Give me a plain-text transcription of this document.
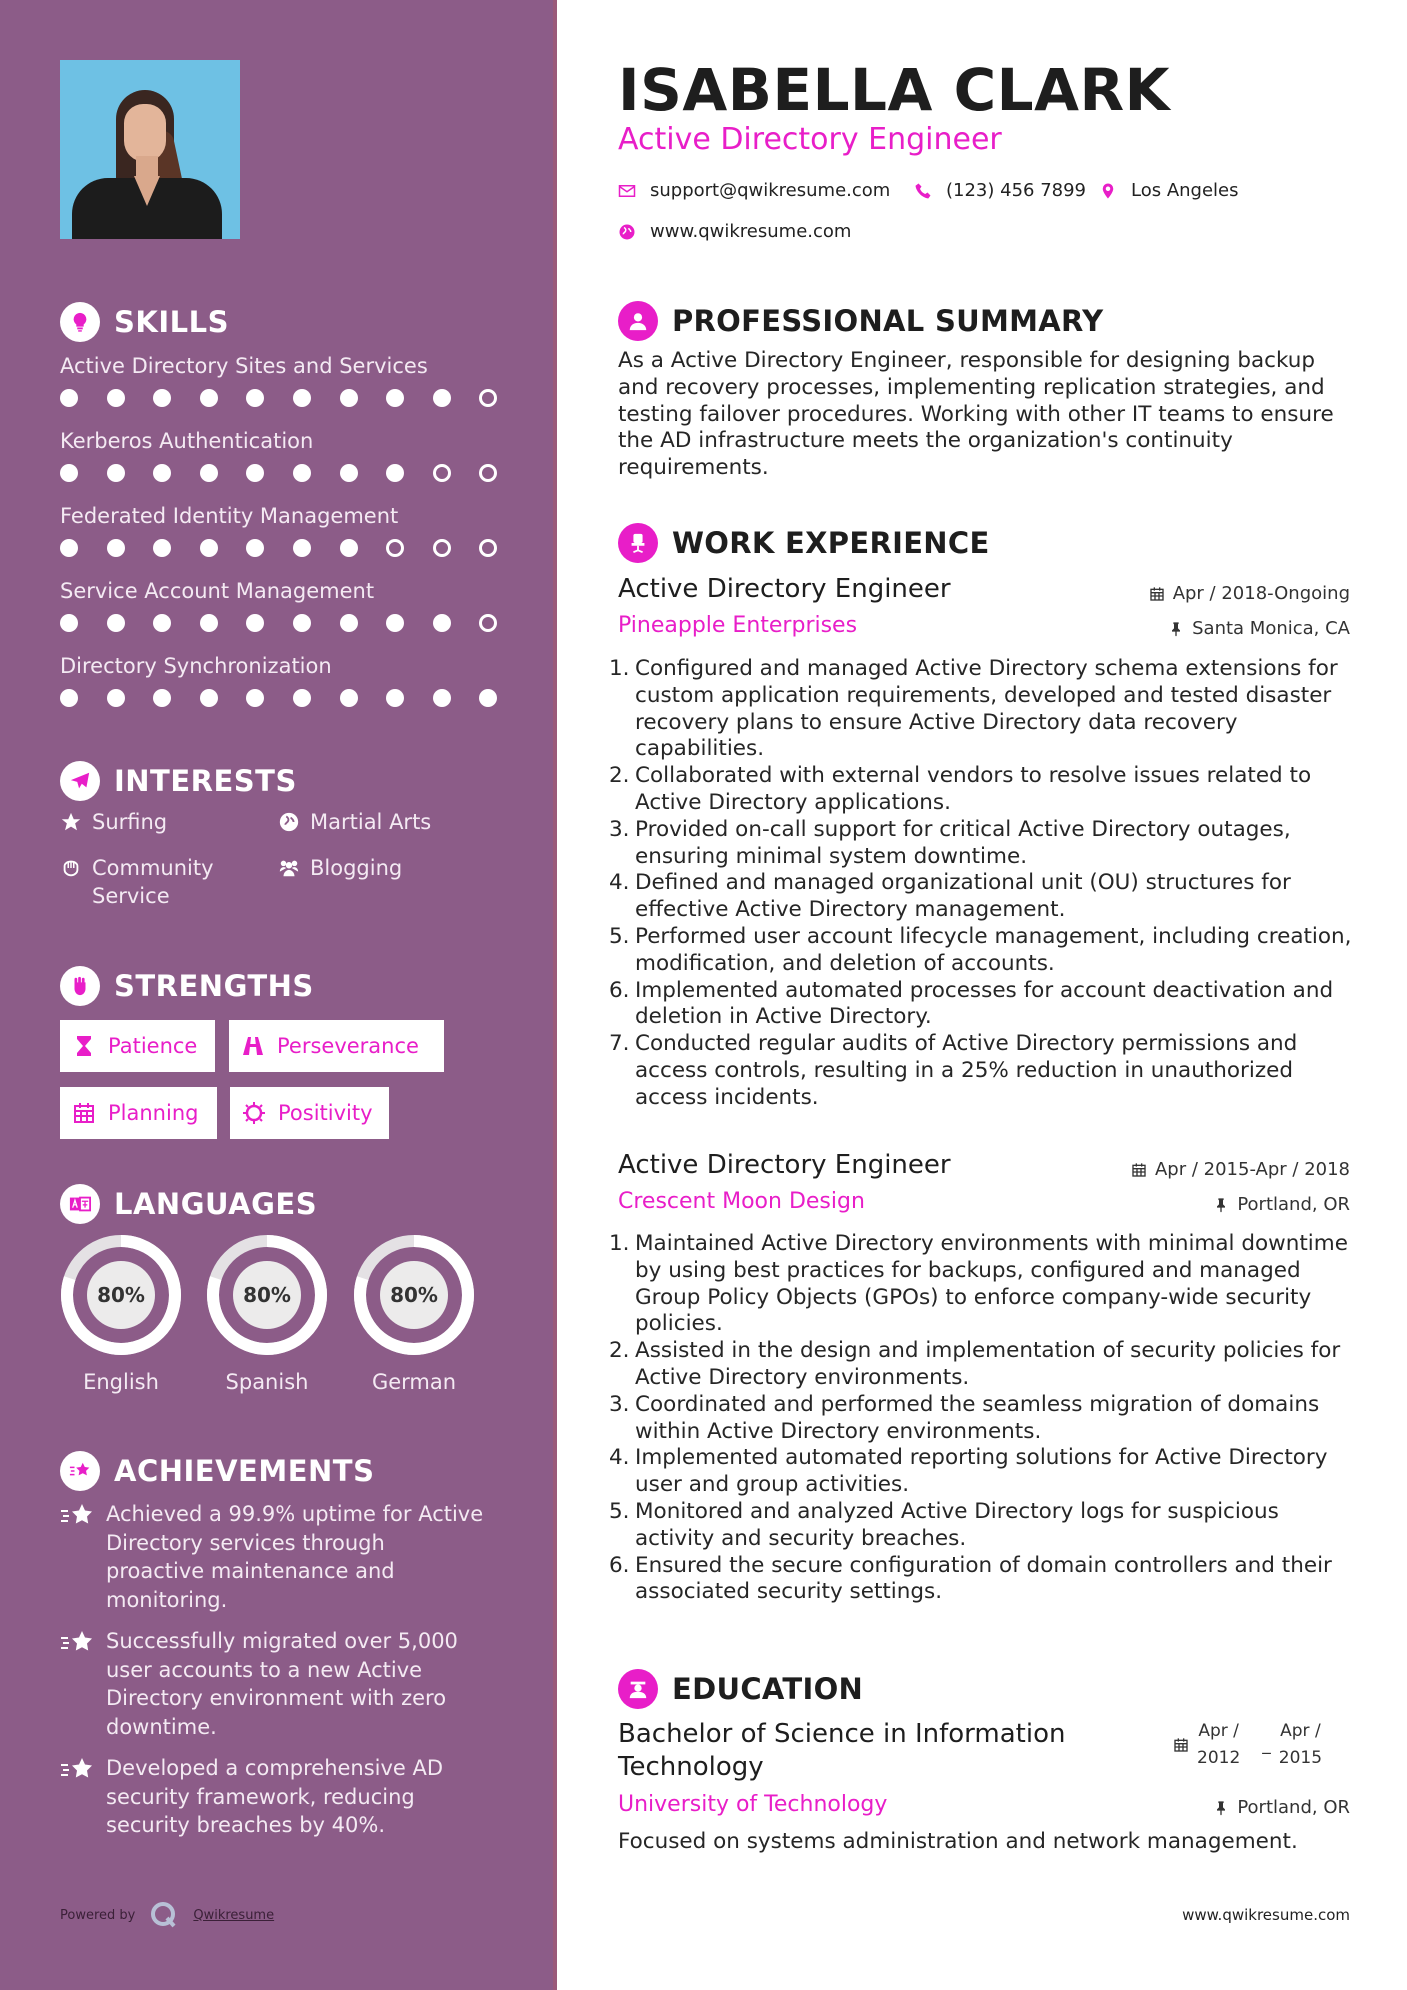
SKILLS
Active Directory Sites and Services
Kerberos Authentication
Federated Identity Management
Service Account Management
Directory Synchronization
INTERESTS
Surfing	Martial Arts
Community Service
Blogging
STRENGTHS
Patience	Perseverance
Planning	Positivity
LANGUAGES
80%
English
80%
Spanish
80%
German
ACHIEVEMENTS
Achieved a 99.9% uptime for Active Directory services through proactive maintenance and monitoring.
Successfully migrated over 5,000 user accounts to a new Active Directory environment with zero downtime.
Developed a comprehensive AD security framework, reducing security breaches by 40%.
Powered by	Qwikresume
ISABELLA CLARK
Active Directory Engineer
support@qwikresume.com	(123) 456 7899 Los Angeles
www.qwikresume.com
PROFESSIONAL SUMMARY

As a Active Directory Engineer, responsible for designing backup and recovery processes, implementing replication strategies, and testing failover procedures. Working with other IT teams to ensure the AD infrastructure meets the organization's continuity requirements.

WORK EXPERIENCE
Active Directory Engineer	Apr / 2018-Ongoing
Pineapple Enterprises	Santa Monica, CA
1. Configured and managed Active Directory schema extensions for custom application requirements, developed and tested disaster recovery plans to ensure Active Directory data recovery capabilities.
2. Collaborated with external vendors to resolve issues related to Active Directory applications.
3. Provided on-call support for critical Active Directory outages, ensuring minimal system downtime.
4. Defined and managed organizational unit (OU) structures for effective Active Directory management.
5. Performed user account lifecycle management, including creation, modification, and deletion of accounts.
6. Implemented automated processes for account deactivation and deletion in Active Directory.
7. Conducted regular audits of Active Directory permissions and access controls, resulting in a 25% reduction in unauthorized access incidents.
Active Directory Engineer	Apr / 2015-Apr / 2018
Crescent Moon Design	Portland, OR
1. Maintained Active Directory environments with minimal downtime by using best practices for backups, configured and managed Group Policy Objects (GPOs) to enforce company-wide security policies.
2. Assisted in the design and implementation of security policies for Active Directory environments.
3. Coordinated and performed the seamless migration of domains within Active Directory environments.
4. Implemented automated reporting solutions for Active Directory user and group activities.
5. Monitored and analyzed Active Directory logs for suspicious activity and security breaches.
6. Ensured the secure configuration of domain controllers and their associated security settings.
EDUCATION
Bachelor of Science in Information Technology
Apr /
2012
_
Apr /
2015
University of Technology	Portland, OR
Focused on systems administration and network management.
www.qwikresume.com
